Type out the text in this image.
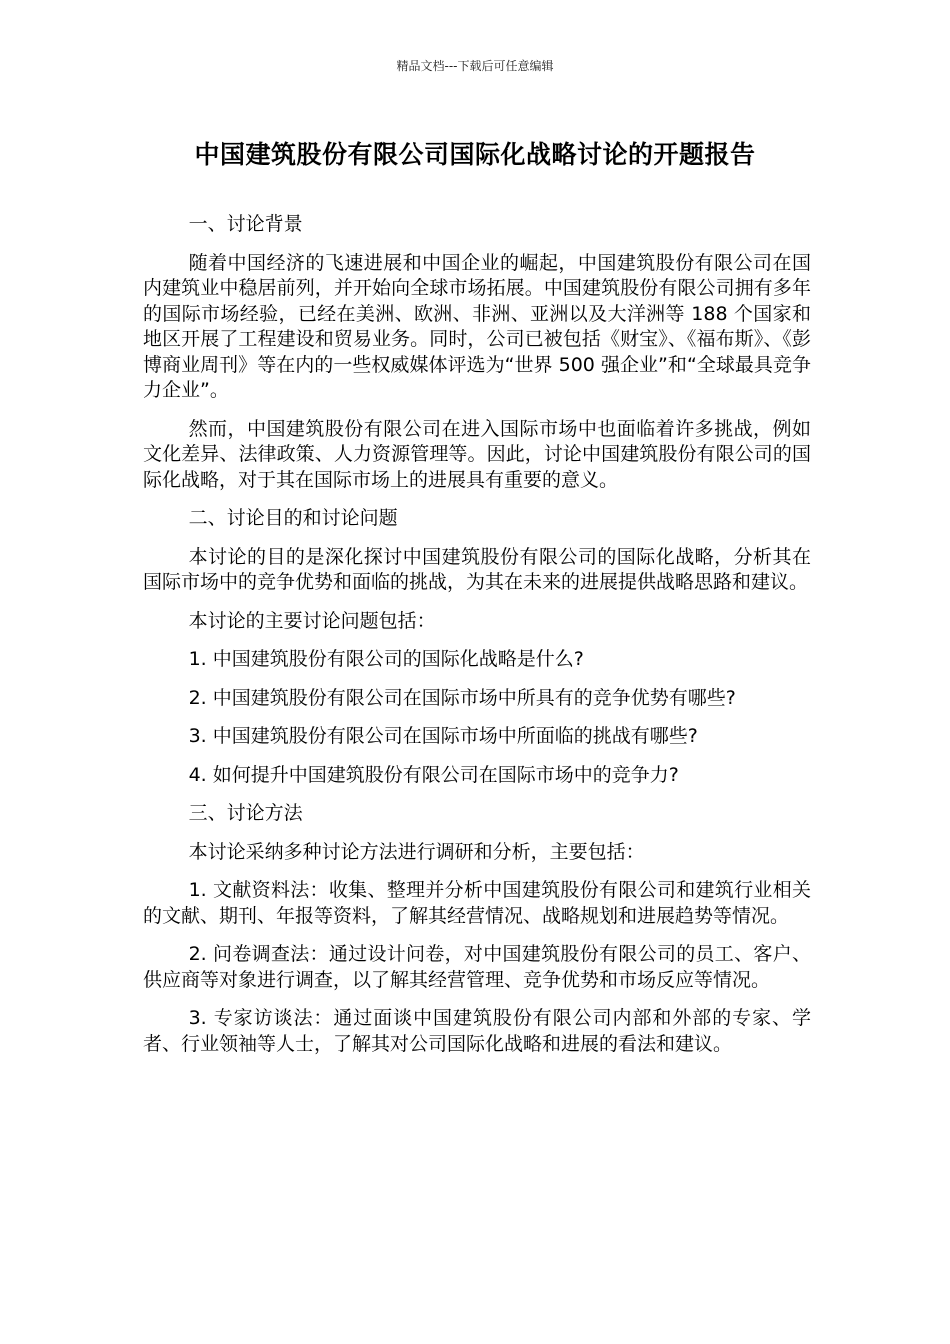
精品文档---下载后可任意编辑
中国建筑股份有限公司国际化战略讨论的开题报告

一、讨论背景

随着中国经济的飞速进展和中国企业的崛起，中国建筑股份有限公司在国内建筑业中稳居前列，并开始向全球市场拓展。中国建筑股份有限公司拥有多年的国际市场经验，已经在美洲、欧洲、非洲、亚洲以及大洋洲等 188 个国家和地区开展了工程建设和贸易业务。同时，公司已被包括《财宝》、《福布斯》、《彭博商业周刊》等在内的一些权威媒体评选为“世界 500 强企业”和“全球最具竞争力企业”。

然而，中国建筑股份有限公司在进入国际市场中也面临着许多挑战，例如文化差异、法律政策、人力资源管理等。因此，讨论中国建筑股份有限公司的国际化战略，对于其在国际市场上的进展具有重要的意义。

二、讨论目的和讨论问题

本讨论的目的是深化探讨中国建筑股份有限公司的国际化战略，分析其在国际市场中的竞争优势和面临的挑战，为其在未来的进展提供战略思路和建议。

本讨论的主要讨论问题包括：

1. 中国建筑股份有限公司的国际化战略是什么?

2. 中国建筑股份有限公司在国际市场中所具有的竞争优势有哪些?

3. 中国建筑股份有限公司在国际市场中所面临的挑战有哪些?

4. 如何提升中国建筑股份有限公司在国际市场中的竞争力?

三、讨论方法

本讨论采纳多种讨论方法进行调研和分析，主要包括：

1. 文献资料法：收集、整理并分析中国建筑股份有限公司和建筑行业相关的文献、期刊、年报等资料，了解其经营情况、战略规划和进展趋势等情况。

2. 问卷调查法：通过设计问卷，对中国建筑股份有限公司的员工、客户、供应商等对象进行调查，以了解其经营管理、竞争优势和市场反应等情况。

3. 专家访谈法：通过面谈中国建筑股份有限公司内部和外部的专家、学者、行业领袖等人士，了解其对公司国际化战略和进展的看法和建议。
